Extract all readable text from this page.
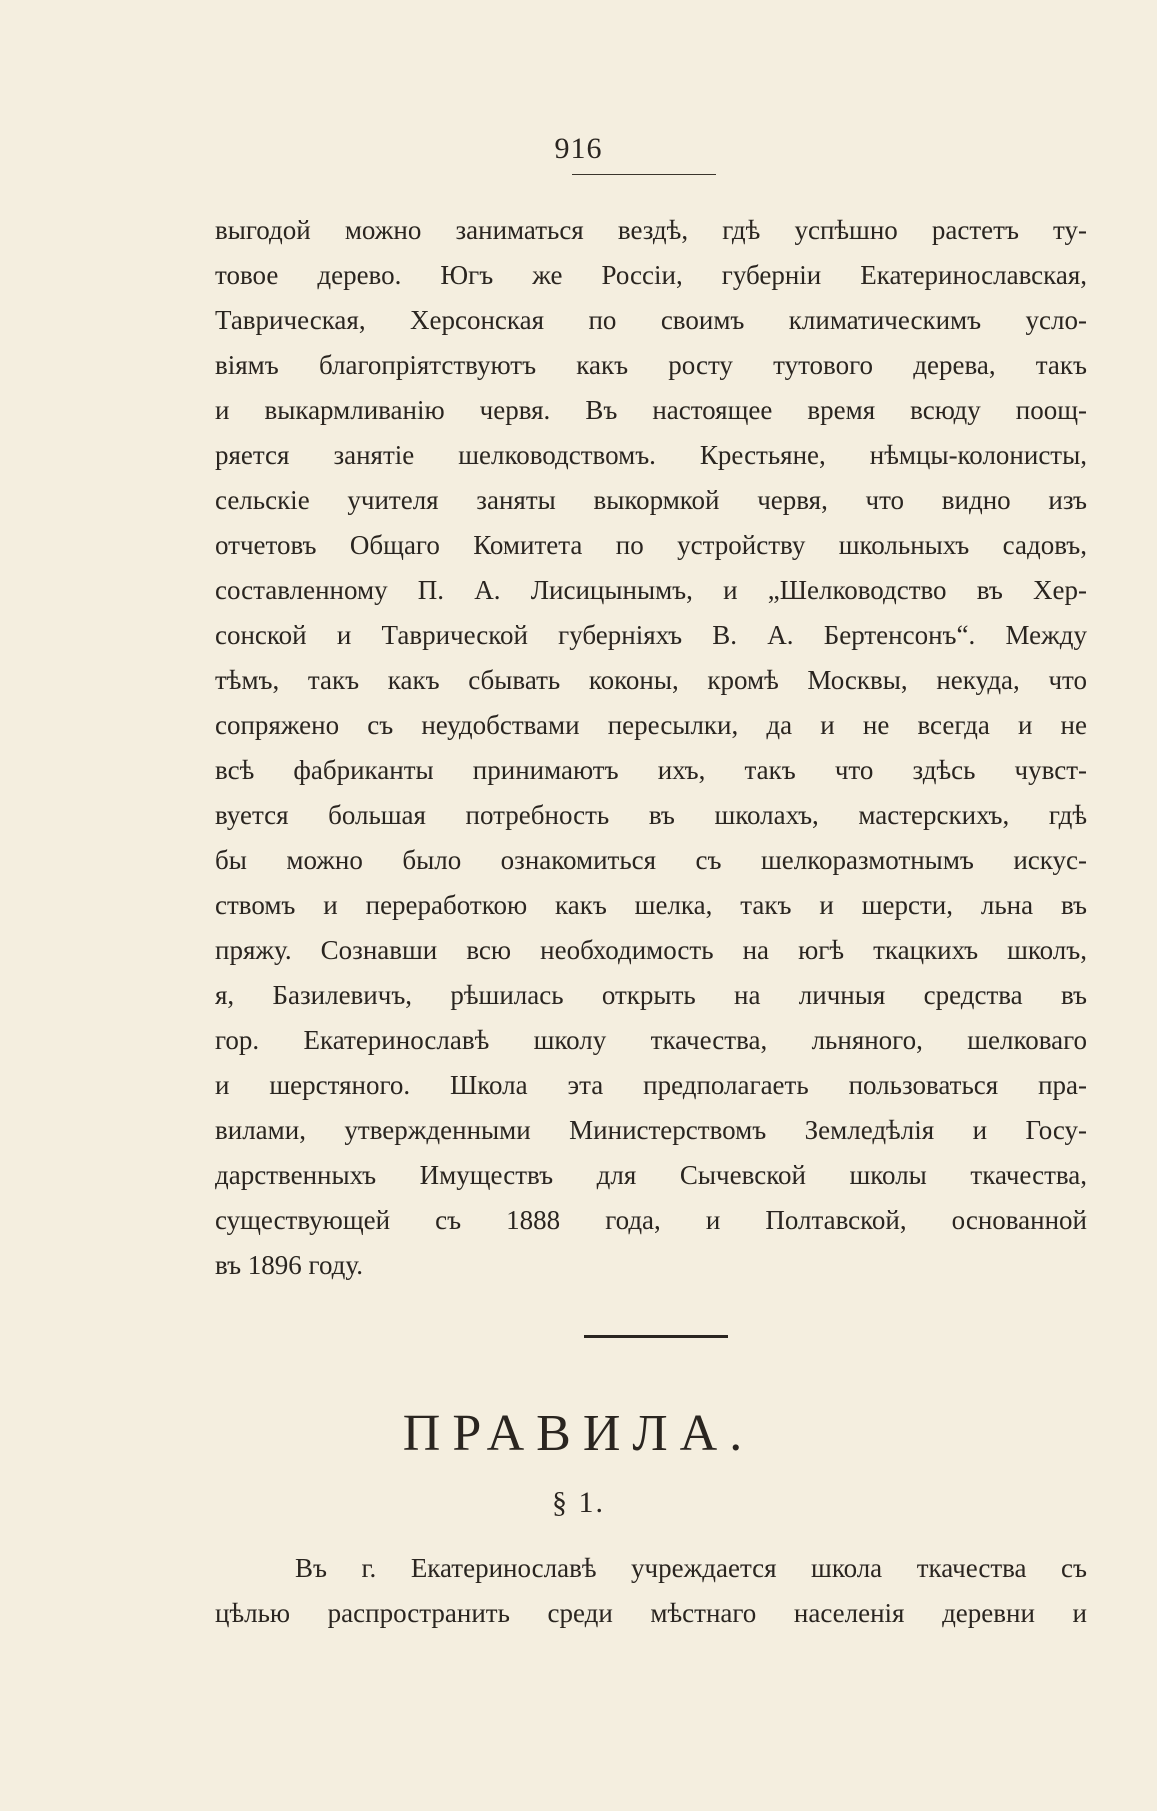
916
выгодой можно заниматься вездѣ, гдѣ успѣшно растетъ ту-
товое дерево. Югъ же Россіи, губерніи Екатеринославская,
Таврическая, Херсонская по своимъ климатическимъ усло-
віямъ благопріятствуютъ какъ росту тутового дерева, такъ
и выкармливанію червя. Въ настоящее время всюду поощ-
ряется занятіе шелководствомъ. Крестьяне, нѣмцы-колонисты,
сельскіе учителя заняты выкормкой червя, что видно изъ
отчетовъ Общаго Комитета по устройству школьныхъ садовъ,
составленному П. А. Лисицынымъ, и „Шелководство въ Хер-
сонской и Таврической губерніяхъ В. А. Бертенсонъ“. Между
тѣмъ, такъ какъ сбывать коконы, кромѣ Москвы, некуда, что
сопряжено съ неудобствами пересылки, да и не всегда и не
всѣ фабриканты принимаютъ ихъ, такъ что здѣсь чувст-
вуется большая потребность въ школахъ, мастерскихъ, гдѣ
бы можно было ознакомиться съ шелкоразмотнымъ искус-
ствомъ и переработкою какъ шелка, такъ и шерсти, льна въ
пряжу. Сознавши всю необходимость на югѣ ткацкихъ школъ,
я, Базилевичъ, рѣшилась открыть на личныя средства въ
гор. Екатеринославѣ школу ткачества, льняного, шелковаго
и шерстяного. Школа эта предполагаеть пользоваться пра-
вилами, утвержденными Министерствомъ Земледѣлія и Госу-
дарственныхъ Имуществъ для Сычевской школы ткачества,
существующей съ 1888 года, и Полтавской, основанной
въ 1896 году.
ПРАВИЛА.
§ 1.
Въ г. Екатеринославѣ учреждается школа ткачества съ
цѣлью распространить среди мѣстнаго населенія деревни и
